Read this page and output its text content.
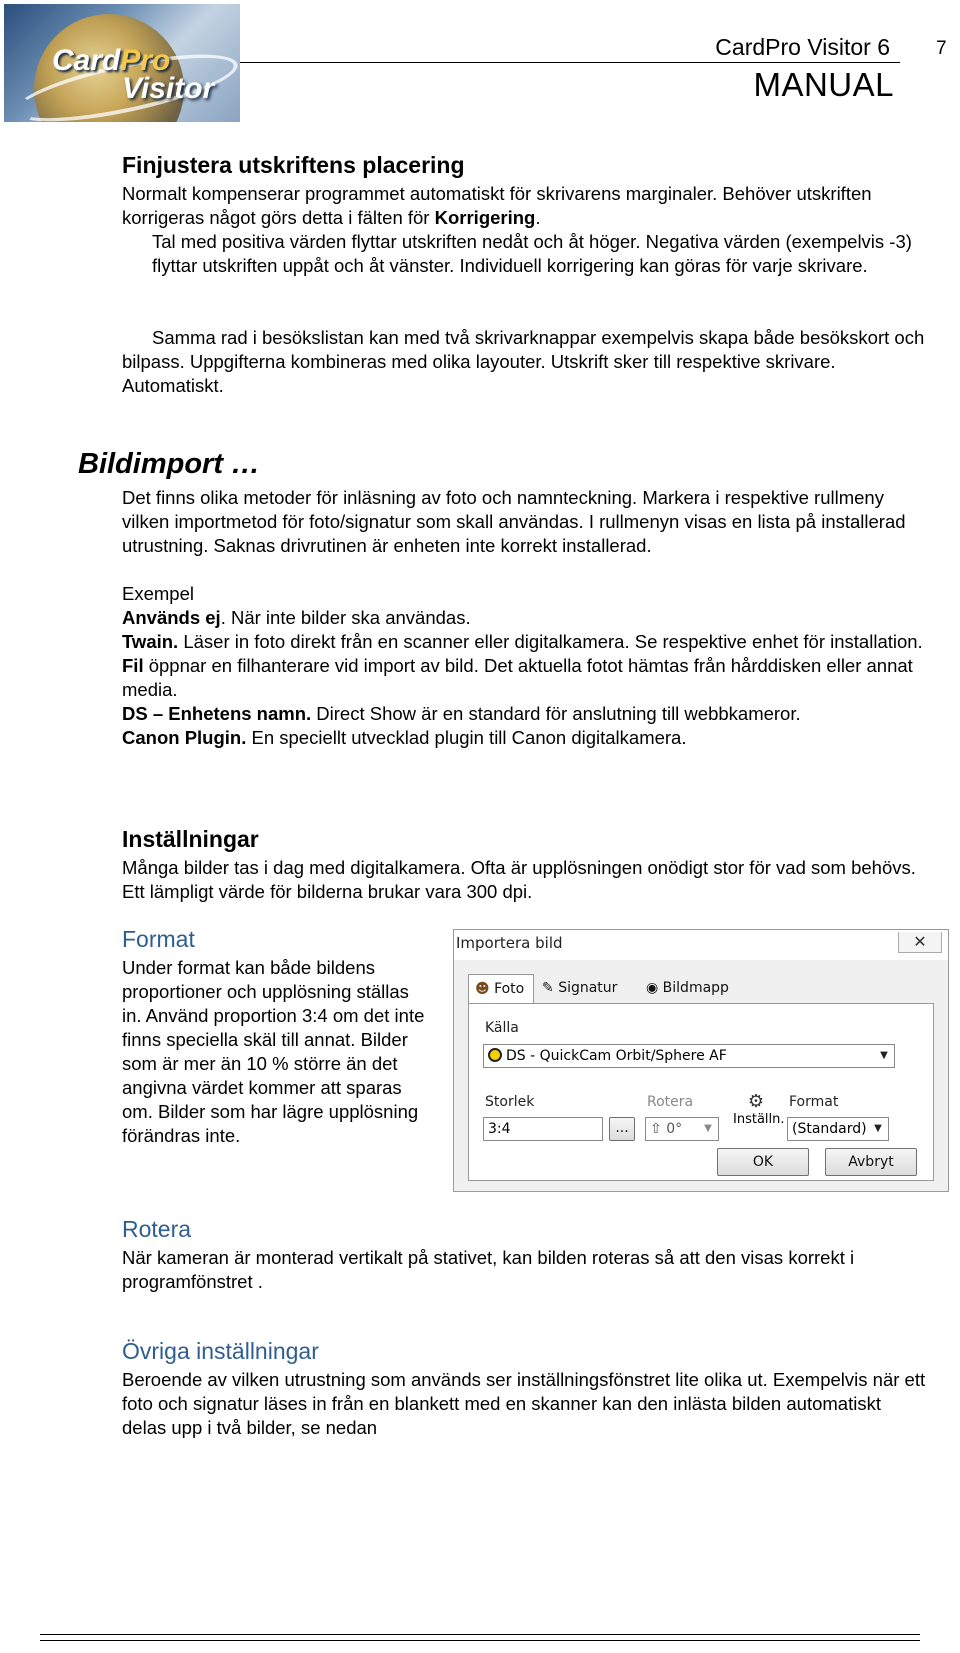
CardPro
Visitor
CardPro Visitor 6 7
MANUAL
Finjustera utskriftens placering

Normalt kompenserar programmet automatiskt för skrivarens marginaler. Behöver utskriften korrigeras något görs detta i fälten för Korrigering.

Tal med positiva värden flyttar utskriften nedåt och åt höger. Negativa värden (exempelvis -3) flyttar utskriften uppåt och åt vänster. Individuell korrigering kan göras för varje skrivare.

Samma rad i besökslistan kan med två skrivarknappar exempelvis skapa både besökskort och bilpass. Uppgifterna kombineras med olika layouter. Utskrift sker till respektive skrivare. Automatiskt.
Bildimport …

Det finns olika metoder för inläsning av foto och namnteckning. Markera i respektive rullmeny vilken importmetod för foto/signatur som skall användas. I rullmenyn visas en lista på installerad utrustning. Saknas drivrutinen är enheten inte korrekt installerad.

Exempel

Används ej. När inte bilder ska användas.

Twain. Läser in foto direkt från en scanner eller digitalkamera. Se respektive enhet för installation.

Fil öppnar en filhanterare vid import av bild. Det aktuella fotot hämtas från hårddisken eller annat media.

DS – Enhetens namn. Direct Show är en standard för anslutning till webbkameror.

Canon Plugin. En speciellt utvecklad plugin till Canon digitalkamera.

Inställningar
Många bilder tas i dag med digitalkamera. Ofta är upplösningen onödigt stor för vad som behövs. Ett lämpligt värde för bilderna brukar vara 300 dpi.
Format
Under format kan både bildens proportioner och upplösning ställas in. Använd proportion 3:4 om det inte finns speciella skäl till annat. Bilder som är mer än 10 % större än det angivna värdet kommer att sparas om. Bilder som har lägre upplösning förändras inte.
Importera bild	✕
☻ Foto	✎ Signatur	◉ Bildmapp
Källa
DS - QuickCam Orbit/Sphere AF	▼
Storlek
3:4	...
Rotera
⇧ 0°	▼
⚙
Inställn.
Format
(Standard) ▼
OK	Avbryt
Rotera
När kameran är monterad vertikalt på stativet, kan bilden roteras så att den visas korrekt i programfönstret .
Övriga inställningar
Beroende av vilken utrustning som används ser inställningsfönstret lite olika ut. Exempelvis när ett foto och signatur läses in från en blankett med en skanner kan den inlästa bilden automatiskt delas upp i två bilder, se nedan
